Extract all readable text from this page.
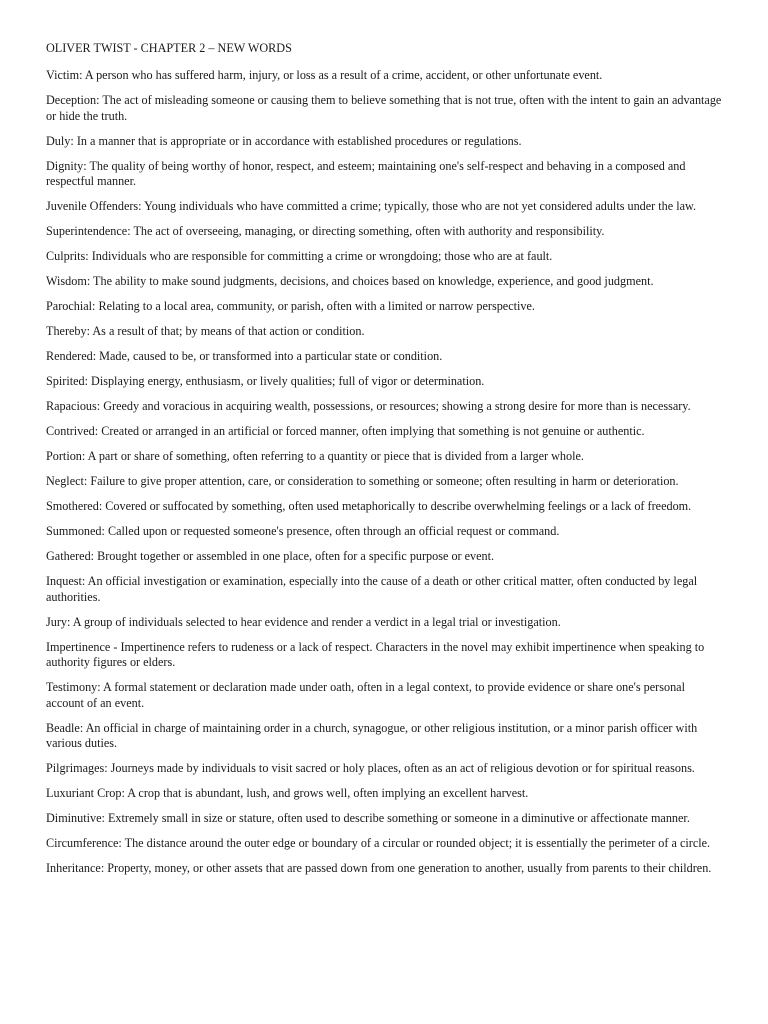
OLIVER TWIST - CHAPTER 2 – NEW WORDS
Victim: A person who has suffered harm, injury, or loss as a result of a crime, accident, or other unfortunate event.
Deception: The act of misleading someone or causing them to believe something that is not true, often with the intent to gain an advantage or hide the truth.
Duly: In a manner that is appropriate or in accordance with established procedures or regulations.
Dignity: The quality of being worthy of honor, respect, and esteem; maintaining one's self-respect and behaving in a composed and respectful manner.
Juvenile Offenders: Young individuals who have committed a crime; typically, those who are not yet considered adults under the law.
Superintendence: The act of overseeing, managing, or directing something, often with authority and responsibility.
Culprits: Individuals who are responsible for committing a crime or wrongdoing; those who are at fault.
Wisdom: The ability to make sound judgments, decisions, and choices based on knowledge, experience, and good judgment.
Parochial: Relating to a local area, community, or parish, often with a limited or narrow perspective.
Thereby: As a result of that; by means of that action or condition.
Rendered: Made, caused to be, or transformed into a particular state or condition.
Spirited: Displaying energy, enthusiasm, or lively qualities; full of vigor or determination.
Rapacious: Greedy and voracious in acquiring wealth, possessions, or resources; showing a strong desire for more than is necessary.
Contrived: Created or arranged in an artificial or forced manner, often implying that something is not genuine or authentic.
Portion: A part or share of something, often referring to a quantity or piece that is divided from a larger whole.
Neglect: Failure to give proper attention, care, or consideration to something or someone; often resulting in harm or deterioration.
Smothered: Covered or suffocated by something, often used metaphorically to describe overwhelming feelings or a lack of freedom.
Summoned: Called upon or requested someone's presence, often through an official request or command.
Gathered: Brought together or assembled in one place, often for a specific purpose or event.
Inquest: An official investigation or examination, especially into the cause of a death or other critical matter, often conducted by legal authorities.
Jury: A group of individuals selected to hear evidence and render a verdict in a legal trial or investigation.
Impertinence - Impertinence refers to rudeness or a lack of respect. Characters in the novel may exhibit impertinence when speaking to authority figures or elders.
Testimony: A formal statement or declaration made under oath, often in a legal context, to provide evidence or share one's personal account of an event.
Beadle: An official in charge of maintaining order in a church, synagogue, or other religious institution, or a minor parish officer with various duties.
Pilgrimages: Journeys made by individuals to visit sacred or holy places, often as an act of religious devotion or for spiritual reasons.
Luxuriant Crop: A crop that is abundant, lush, and grows well, often implying an excellent harvest.
Diminutive: Extremely small in size or stature, often used to describe something or someone in a diminutive or affectionate manner.
Circumference: The distance around the outer edge or boundary of a circular or rounded object; it is essentially the perimeter of a circle.
Inheritance: Property, money, or other assets that are passed down from one generation to another, usually from parents to their children.
